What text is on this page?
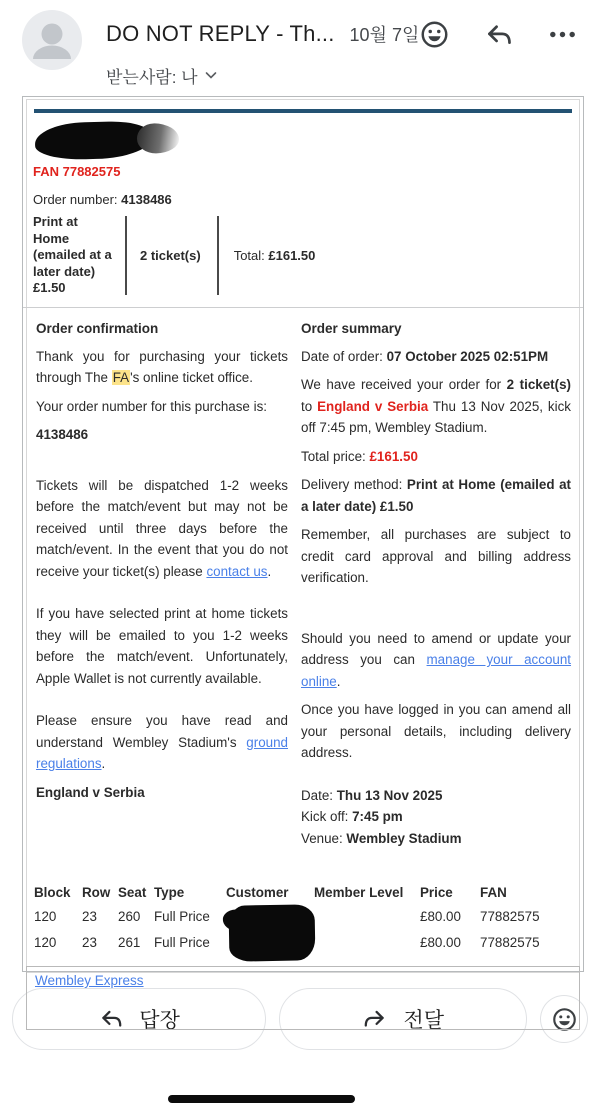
DO NOT REPLY - Th... 10월 7일
받는사람: 나
FAN 77882575
Order number: 4138486
Print at Home (emailed at a later date) £1.50
2 ticket(s)	Total: £161.50
Order confirmation

Thank you for purchasing your tickets through The FA's online ticket office.

Your order number for this purchase is:

4138486

Tickets will be dispatched 1-2 weeks before the match/event but may not be received until three days before the match/event. In the event that you do not receive your ticket(s) please contact us.

If you have selected print at home tickets they will be emailed to you 1-2 weeks before the match/event. Unfortunately, Apple Wallet is not currently available.

Please ensure you have read and understand Wembley Stadium's ground regulations.

Order summary

Date of order: 07 October 2025 02:51PM

We have received your order for 2 ticket(s) to England v Serbia Thu 13 Nov 2025, kick off 7:45 pm, Wembley Stadium.

Total price: £161.50

Delivery method: Print at Home (emailed at a later date) £1.50

Remember, all purchases are subject to credit card approval and billing address verification.

Should you need to amend or update your address you can manage your account online.

Once you have logged in you can amend all your personal details, including delivery address.

England v Serbia	Date: Thu 13 Nov 2025
Kick off: 7:45 pm
Venue: Wembley Stadium
Block	Row	Seat	Type	Customer	Member Level	Price	FAN
120	23	260	Full Price			£80.00	77882575
120	23	261	Full Price			£80.00	77882575
Wembley Express
답장	전달
